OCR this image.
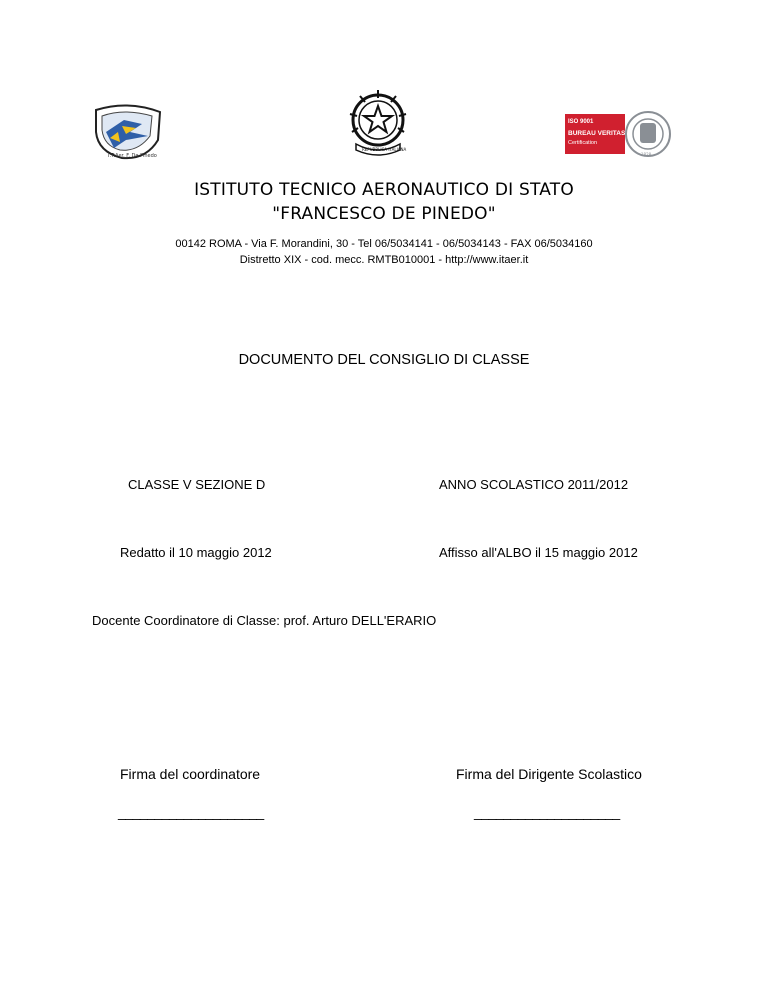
I.T.Aer. F. De Pinedo
REPUBBLICA ITALIANA
ISO 9001
BUREAU VERITAS
Certification
1828
ISTITUTO TECNICO AERONAUTICO DI STATO
"FRANCESCO DE PINEDO"
00142 ROMA - Via F. Morandini, 30 - Tel 06/5034141 - 06/5034143 - FAX 06/5034160
Distretto XIX - cod. mecc. RMTB010001 - http://www.itaer.it
DOCUMENTO DEL CONSIGLIO DI CLASSE
CLASSE V SEZIONE D	ANNO SCOLASTICO 2011/2012
Redatto il 10 maggio 2012	Affisso all'ALBO il 15 maggio 2012
Docente Coordinatore di Classe: prof. Arturo DELL'ERARIO
Firma del coordinatore	Firma del Dirigente Scolastico
____________________	____________________
